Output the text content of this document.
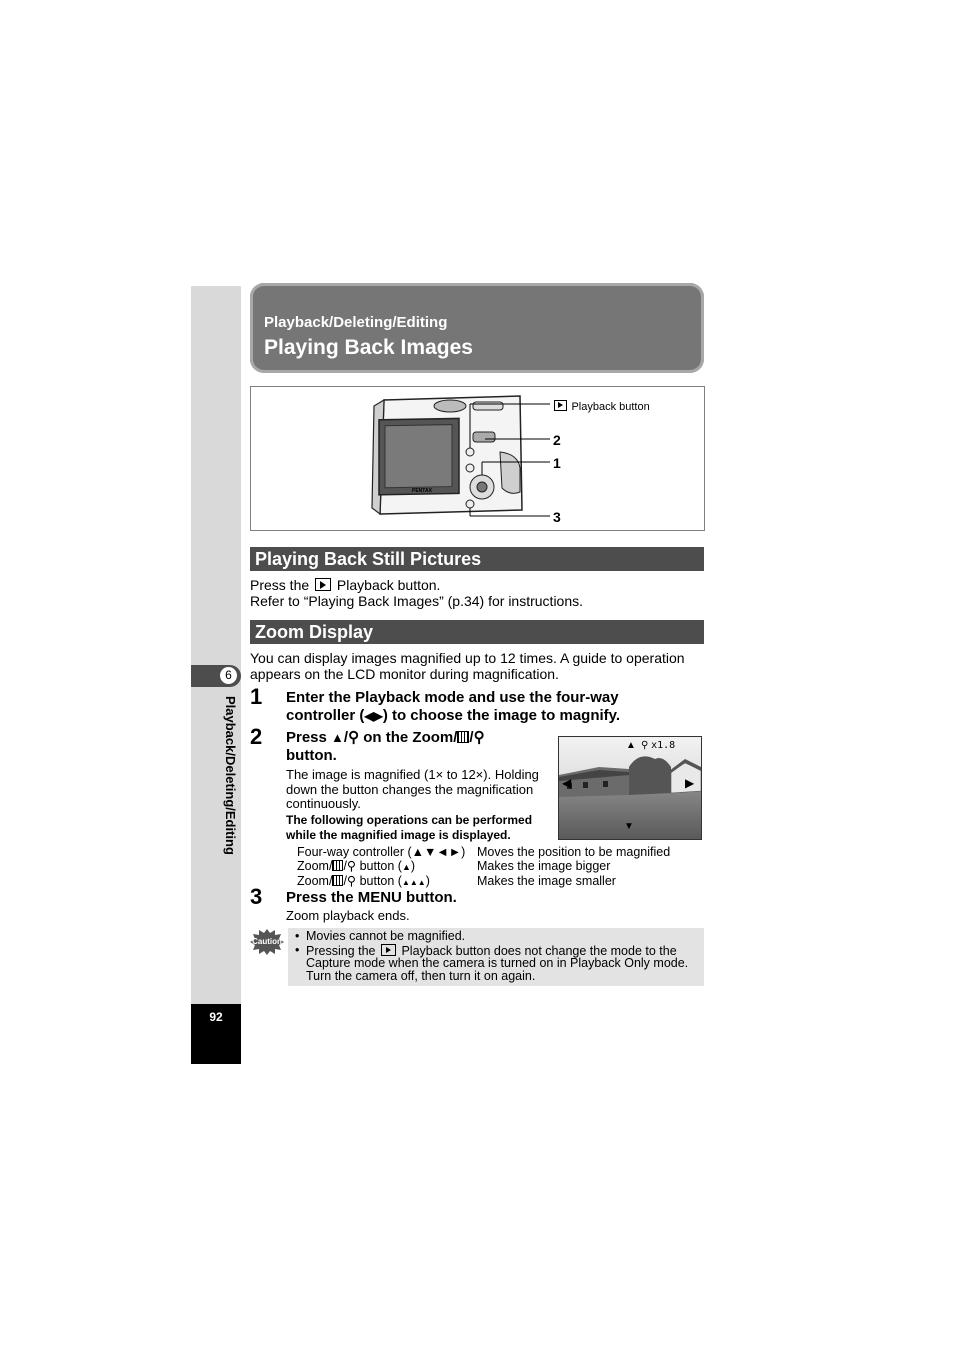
92
6
Playback/Deleting/Editing
Playback/Deleting/Editing
Playing Back Images
PENTAX
Playback button
2
1
3
Playing Back Still Pictures
Press the Playback button.
Refer to “Playing Back Images” (p.34) for instructions.
Zoom Display
You can display images magnified up to 12 times. A guide to operation
appears on the LCD monitor during magnification.
1 Enter the Playback mode and use the four-way
controller (◀▶) to choose the image to magnify.
2 Press ▲/⚲ on the Zoom/ /⚲
button.
The image is magnified (1× to 12×). Holding
down the button changes the magnification
continuously.
The following operations can be performed
while the magnified image is displayed.
▲ ⚲ x1.8
◀	▶
▼
Four-way controller (▲▼◄►) Moves the position to be magnified
Zoom/ /⚲ button (▲)	Makes the image bigger
Zoom/ /⚲ button (▲▲▲)	Makes the image smaller
3 Press the MENU button.
Zoom playback ends.
Caution • Movies cannot be magnified.
• Pressing the Playback button does not change the mode to the
Capture mode when the camera is turned on in Playback Only mode.
Turn the camera off, then turn it on again.
